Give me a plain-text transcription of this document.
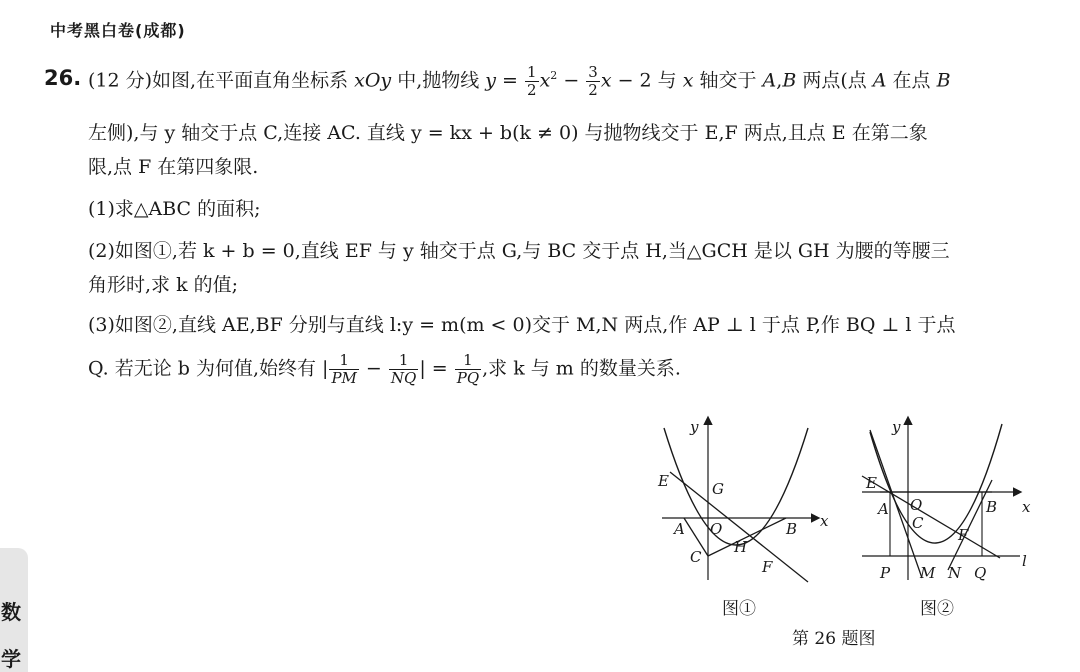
中考黑白卷(成都)
26. (12 分)如图,在平面直角坐标系 xOy 中,抛物线 $y = \frac{1}{2} x^2 - \frac{3}{2}$ x − 2 与 x 轴交于 A,B 两点(点 A 在点 B
左侧),与 y 轴交于点 C,连接 AC. 直线 y = kx + b(k ≠ 0) 与抛物线交于 E,F 两点,且点 E 在第二象
限,点 F 在第四象限.
(1)求△ABC 的面积;
(2)如图①,若 k + b = 0,直线 EF 与 y 轴交于点 G,与 BC 交于点 H,当△GCH 是以 GH 为腰的等腰三
角形时,求 k 的值;
(3)如图②,直线 AE,BF 分别与直线 l:y = m(m < 0)交于 M,N 两点,作 AP ⊥ l 于点 P,作 BQ ⊥ l 于点
Q. 若无论 b 为何值,始终有 | $\frac{1}{PM} - \frac{1}{NQ}$ | = $\frac{1}{PQ}$ ,求 k 与 m 的数量关系.
y
x
E	G
A O	B
H
C
F
图①
y
x
E
O
A
C
B
F
P M N Q
l
图②
第 26 题图
数
学
